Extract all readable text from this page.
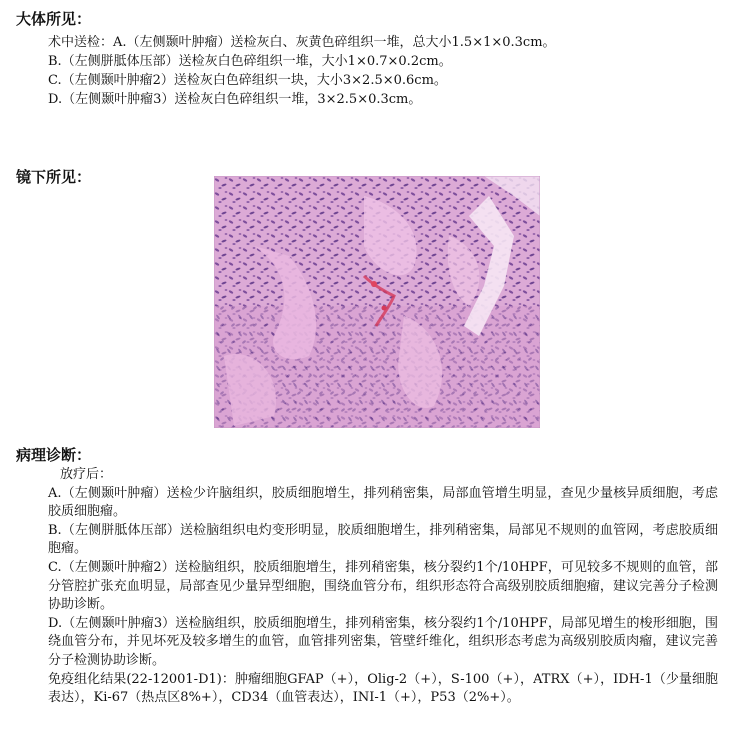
大体所见：
术中送检：A.（左侧颞叶肿瘤）送检灰白、灰黄色碎组织一堆，总大小1.5×1×0.3cm。
B.（左侧胼胝体压部）送检灰白色碎组织一堆，大小1×0.7×0.2cm。
C.（左侧颞叶肿瘤2）送检灰白色碎组织一块，大小3×2.5×0.6cm。
D.（左侧颞叶肿瘤3）送检灰白色碎组织一堆，3×2.5×0.3cm。
镜下所见：
病理诊断：

放疗后：

A.（左侧颞叶肿瘤）送检少许脑组织，胶质细胞增生，排列稍密集，局部血管增生明显，查见少量核异质细胞，考虑胶质细胞瘤。

B.（左侧胼胝体压部）送检脑组织电灼变形明显，胶质细胞增生，排列稍密集，局部见不规则的血管网，考虑胶质细胞瘤。

C.（左侧颞叶肿瘤2）送检脑组织，胶质细胞增生，排列稍密集，核分裂约1个/10HPF，可见较多不规则的血管，部分管腔扩张充血明显，局部查见少量异型细胞，围绕血管分布，组织形态符合高级别胶质细胞瘤，建议完善分子检测协助诊断。

D.（左侧颞叶肿瘤3）送检脑组织，胶质细胞增生，排列稍密集，核分裂约1个/10HPF，局部见增生的梭形细胞，围绕血管分布，并见坏死及较多增生的血管，血管排列密集，管壁纤维化，组织形态考虑为高级别胶质肉瘤，建议完善分子检测协助诊断。

免疫组化结果(22-12001-D1)：肿瘤细胞GFAP（+），Olig-2（+），S-100（+），ATRX（+），IDH-1（少量细胞表达），Ki-67（热点区8%+），CD34（血管表达），INI-1（+），P53（2%+）。
